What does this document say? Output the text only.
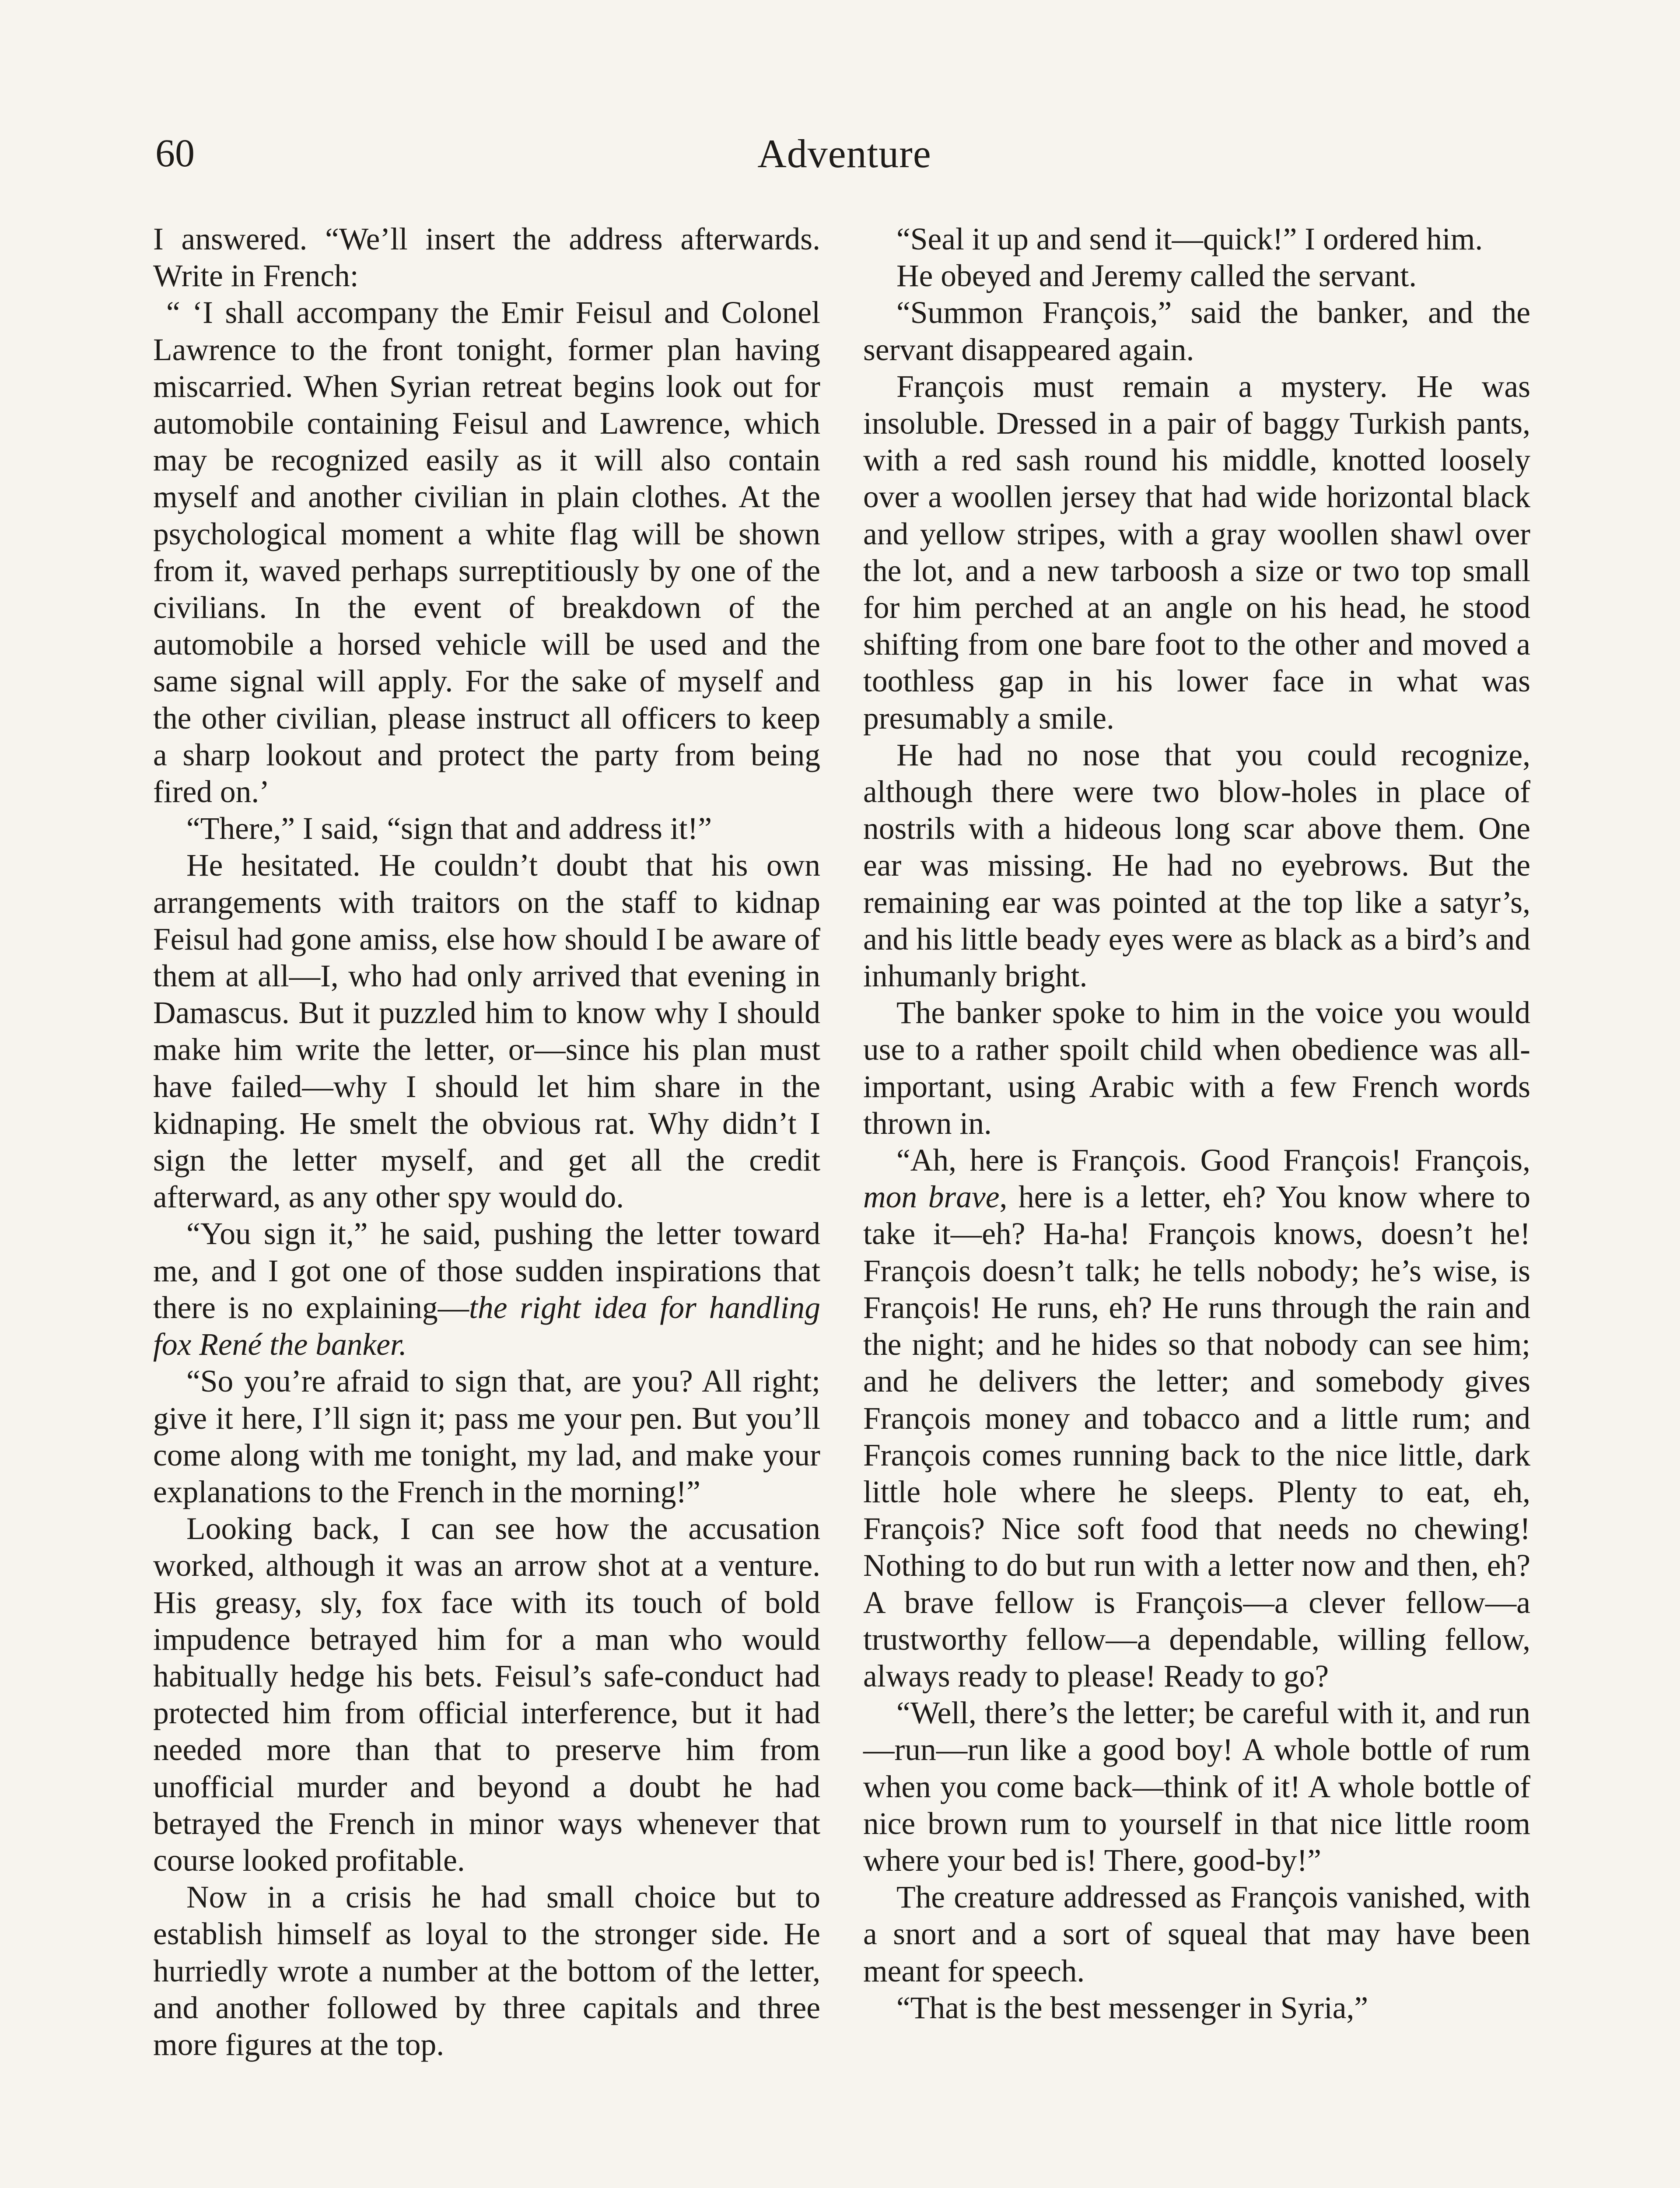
60	Adventure

I answered. “We’ll insert the address afterwards. Write in French:

“ ‘I shall accompany the Emir Feisul and Colonel Lawrence to the front tonight, former plan having miscarried. When Syrian retreat begins look out for automobile containing Feisul and Lawrence, which may be recognized easily as it will also contain myself and another civilian in plain clothes. At the psychological moment a white flag will be shown from it, waved perhaps surreptitiously by one of the civilians. In the event of breakdown of the automobile a horsed vehicle will be used and the same signal will apply. For the sake of myself and the other civilian, please instruct all officers to keep a sharp lookout and protect the party from being fired on.’

“There,” I said, “sign that and address it!”

He hesitated. He couldn’t doubt that his own arrangements with traitors on the staff to kidnap Feisul had gone amiss, else how should I be aware of them at all—I, who had only arrived that evening in Damascus. But it puzzled him to know why I should make him write the letter, or—since his plan must have failed—why I should let him share in the kidnaping. He smelt the obvious rat. Why didn’t I sign the letter myself, and get all the credit afterward, as any other spy would do.

“You sign it,” he said, pushing the letter toward me, and I got one of those sudden inspirations that there is no explaining—the right idea for handling fox René the banker.

“So you’re afraid to sign that, are you? All right; give it here, I’ll sign it; pass me your pen. But you’ll come along with me tonight, my lad, and make your explanations to the French in the morning!”

Looking back, I can see how the accusation worked, although it was an arrow shot at a venture. His greasy, sly, fox face with its touch of bold impudence betrayed him for a man who would habitually hedge his bets. Feisul’s safe-conduct had protected him from official interference, but it had needed more than that to preserve him from unofficial murder and beyond a doubt he had betrayed the French in minor ways whenever that course looked profitable.

Now in a crisis he had small choice but to establish himself as loyal to the stronger side. He hurriedly wrote a number at the bottom of the letter, and another followed by three capitals and three more figures at the top.

“Seal it up and send it—quick!” I ordered him.

He obeyed and Jeremy called the servant.

“Summon François,” said the banker, and the servant disappeared again.

François must remain a mystery. He was insoluble. Dressed in a pair of baggy Turkish pants, with a red sash round his middle, knotted loosely over a woollen jersey that had wide horizontal black and yellow stripes, with a gray woollen shawl over the lot, and a new tarboosh a size or two top small for him perched at an angle on his head, he stood shifting from one bare foot to the other and moved a toothless gap in his lower face in what was presumably a smile.

He had no nose that you could recognize, although there were two blow-holes in place of nostrils with a hideous long scar above them. One ear was missing. He had no eyebrows. But the remaining ear was pointed at the top like a satyr’s, and his little beady eyes were as black as a bird’s and inhumanly bright.

The banker spoke to him in the voice you would use to a rather spoilt child when obedience was all-important, using Arabic with a few French words thrown in.

“Ah, here is François. Good François! François, mon brave, here is a letter, eh? You know where to take it—eh? Ha-ha! François knows, doesn’t he! François doesn’t talk; he tells nobody; he’s wise, is François! He runs, eh? He runs through the rain and the night; and he hides so that nobody can see him; and he delivers the letter; and somebody gives François money and tobacco and a little rum; and François comes running back to the nice little, dark little hole where he sleeps. Plenty to eat, eh, François? Nice soft food that needs no chewing! Nothing to do but run with a letter now and then, eh? A brave fellow is François—a clever fellow—a trustworthy fellow—a dependable, willing fellow, always ready to please! Ready to go?

“Well, there’s the letter; be careful with it, and run—run—run like a good boy! A whole bottle of rum when you come back—think of it! A whole bottle of nice brown rum to yourself in that nice little room where your bed is! There, good-by!”

The creature addressed as François vanished, with a snort and a sort of squeal that may have been meant for speech.

“That is the best messenger in Syria,”
